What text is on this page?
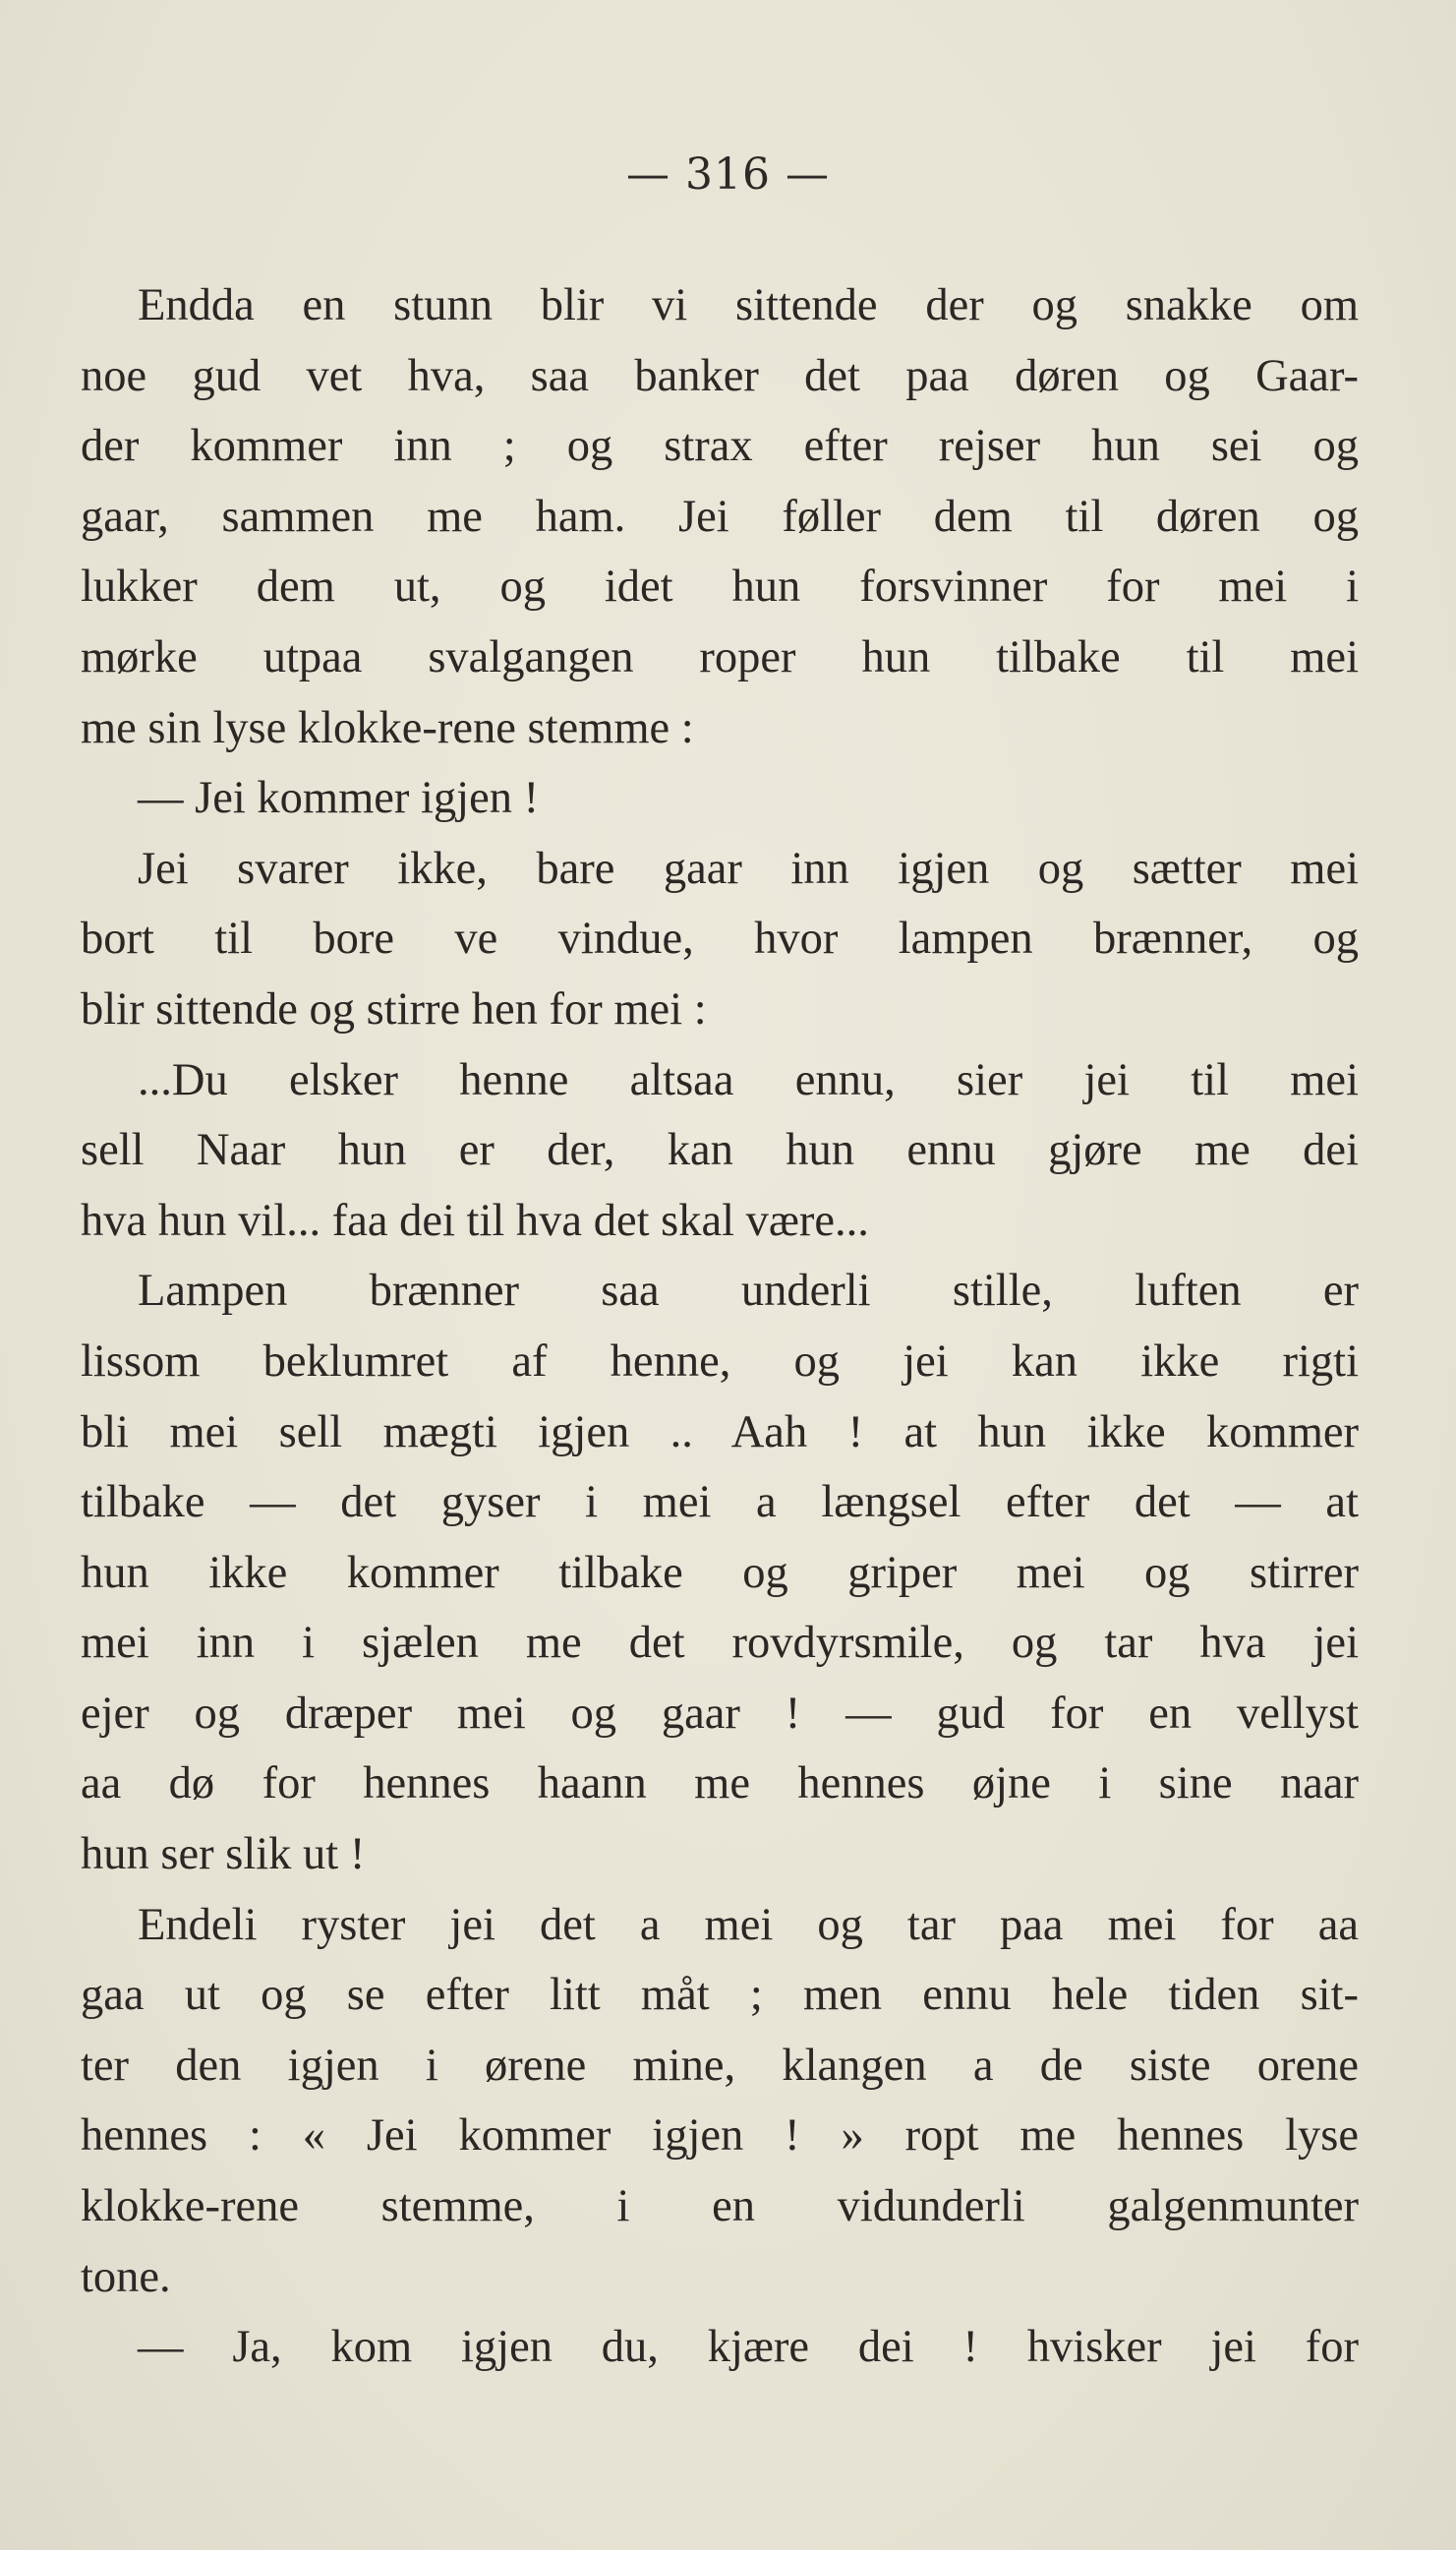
— 316 —
Endda en stunn blir vi sittende der og snakke om
noe gud vet hva, saa banker det paa døren og Gaar-
der kommer inn ; og strax efter rejser hun sei og
gaar, sammen me ham. Jei føller dem til døren og
lukker dem ut, og idet hun forsvinner for mei i
mørke utpaa svalgangen roper hun tilbake til mei
me sin lyse klokke-rene stemme :
— Jei kommer igjen !
Jei svarer ikke, bare gaar inn igjen og sætter mei
bort til bore ve vindue, hvor lampen brænner, og
blir sittende og stirre hen for mei :
...Du elsker henne altsaa ennu, sier jei til mei
sell Naar hun er der, kan hun ennu gjøre me dei
hva hun vil... faa dei til hva det skal være...
Lampen brænner saa underli stille, luften er
lissom beklumret af henne, og jei kan ikke rigti
bli mei sell mægti igjen .. Aah ! at hun ikke kommer
tilbake — det gyser i mei a længsel efter det — at
hun ikke kommer tilbake og griper mei og stirrer
mei inn i sjælen me det rovdyrsmile, og tar hva jei
ejer og dræper mei og gaar ! — gud for en vellyst
aa dø for hennes haann me hennes øjne i sine naar
hun ser slik ut !
Endeli ryster jei det a mei og tar paa mei for aa
gaa ut og se efter litt måt ; men ennu hele tiden sit-
ter den igjen i ørene mine, klangen a de siste orene
hennes : « Jei kommer igjen ! » ropt me hennes lyse
klokke-rene stemme, i en vidunderli galgenmunter
tone.
— Ja, kom igjen du, kjære dei ! hvisker jei for
